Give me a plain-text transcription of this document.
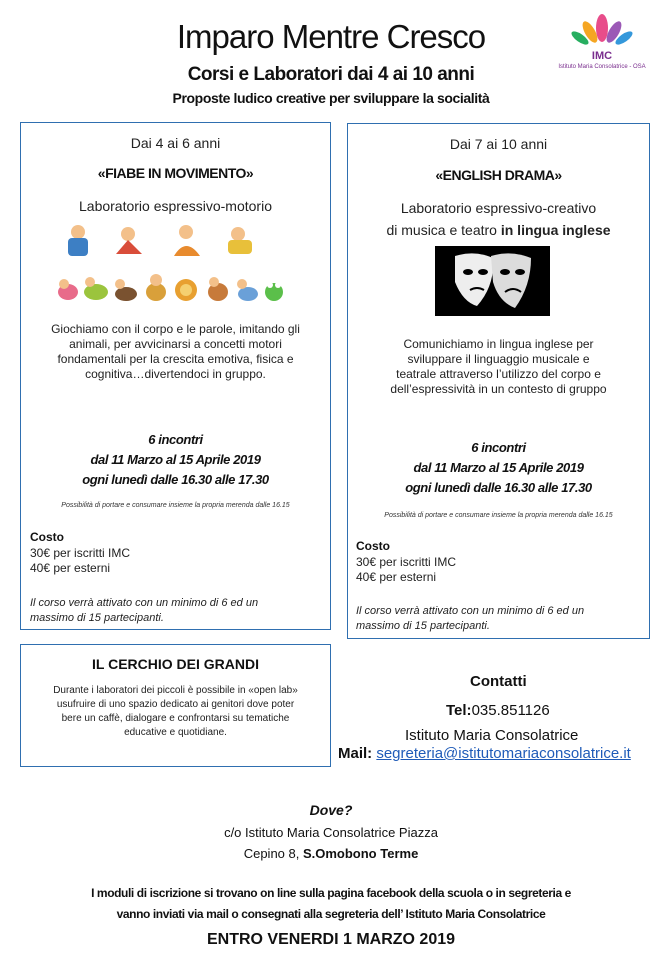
Imparo Mentre Cresco
Corsi e Laboratori dai 4 ai 10 anni
Proposte ludico creative per sviluppare la socialità
IMC
Istituto Maria Consolatrice - OSA
Dai 4 ai 6 anni
«FIABE IN MOVIMENTO»
Laboratorio espressivo-motorio
Giochiamo con il corpo e le parole, imitando gli
animali, per avvicinarsi a concetti motori
fondamentali per la crescita emotiva, fisica e
cognitiva…divertendoci in gruppo.
6 incontri
dal 11 Marzo al 15 Aprile 2019
ogni lunedì dalle 16.30 alle 17.30
Possibilità di portare e consumare insieme la propria merenda dalle 16.15
Costo
30€ per iscritti IMC
40€ per esterni
Il corso verrà attivato con un minimo di 6 ed un
massimo di 15 partecipanti.
Dai 7 ai 10 anni
«ENGLISH DRAMA»
Laboratorio espressivo-creativo
di musica e teatro in lingua inglese
Comunichiamo in lingua inglese per
sviluppare il linguaggio musicale e
teatrale attraverso l’utilizzo del corpo e
dell’espressività in un contesto di gruppo
6 incontri
dal 11 Marzo al 15 Aprile 2019
ogni lunedì dalle 16.30 alle 17.30
Possibilità di portare e consumare insieme la propria merenda dalle 16.15
Costo
30€ per iscritti IMC
40€ per esterni
Il corso verrà attivato con un minimo di 6 ed un
massimo di 15 partecipanti.
IL CERCHIO DEI GRANDI
Durante i laboratori dei piccoli è possibile in «open lab»
usufruire di uno spazio dedicato ai genitori dove poter
bere un caffè, dialogare e confrontarsi su tematiche
educative e quotidiane.
Contatti
Tel:035.851126
Istituto Maria Consolatrice
Mail: segreteria@istitutomariaconsolatrice.it
Dove?
c/o Istituto Maria Consolatrice Piazza
Cepino 8, S.Omobono Terme
I moduli di iscrizione si trovano on line sulla pagina facebook della scuola o in segreteria e
vanno inviati via mail o consegnati alla segreteria dell’ Istituto Maria Consolatrice
ENTRO VENERDI 1 MARZO 2019
